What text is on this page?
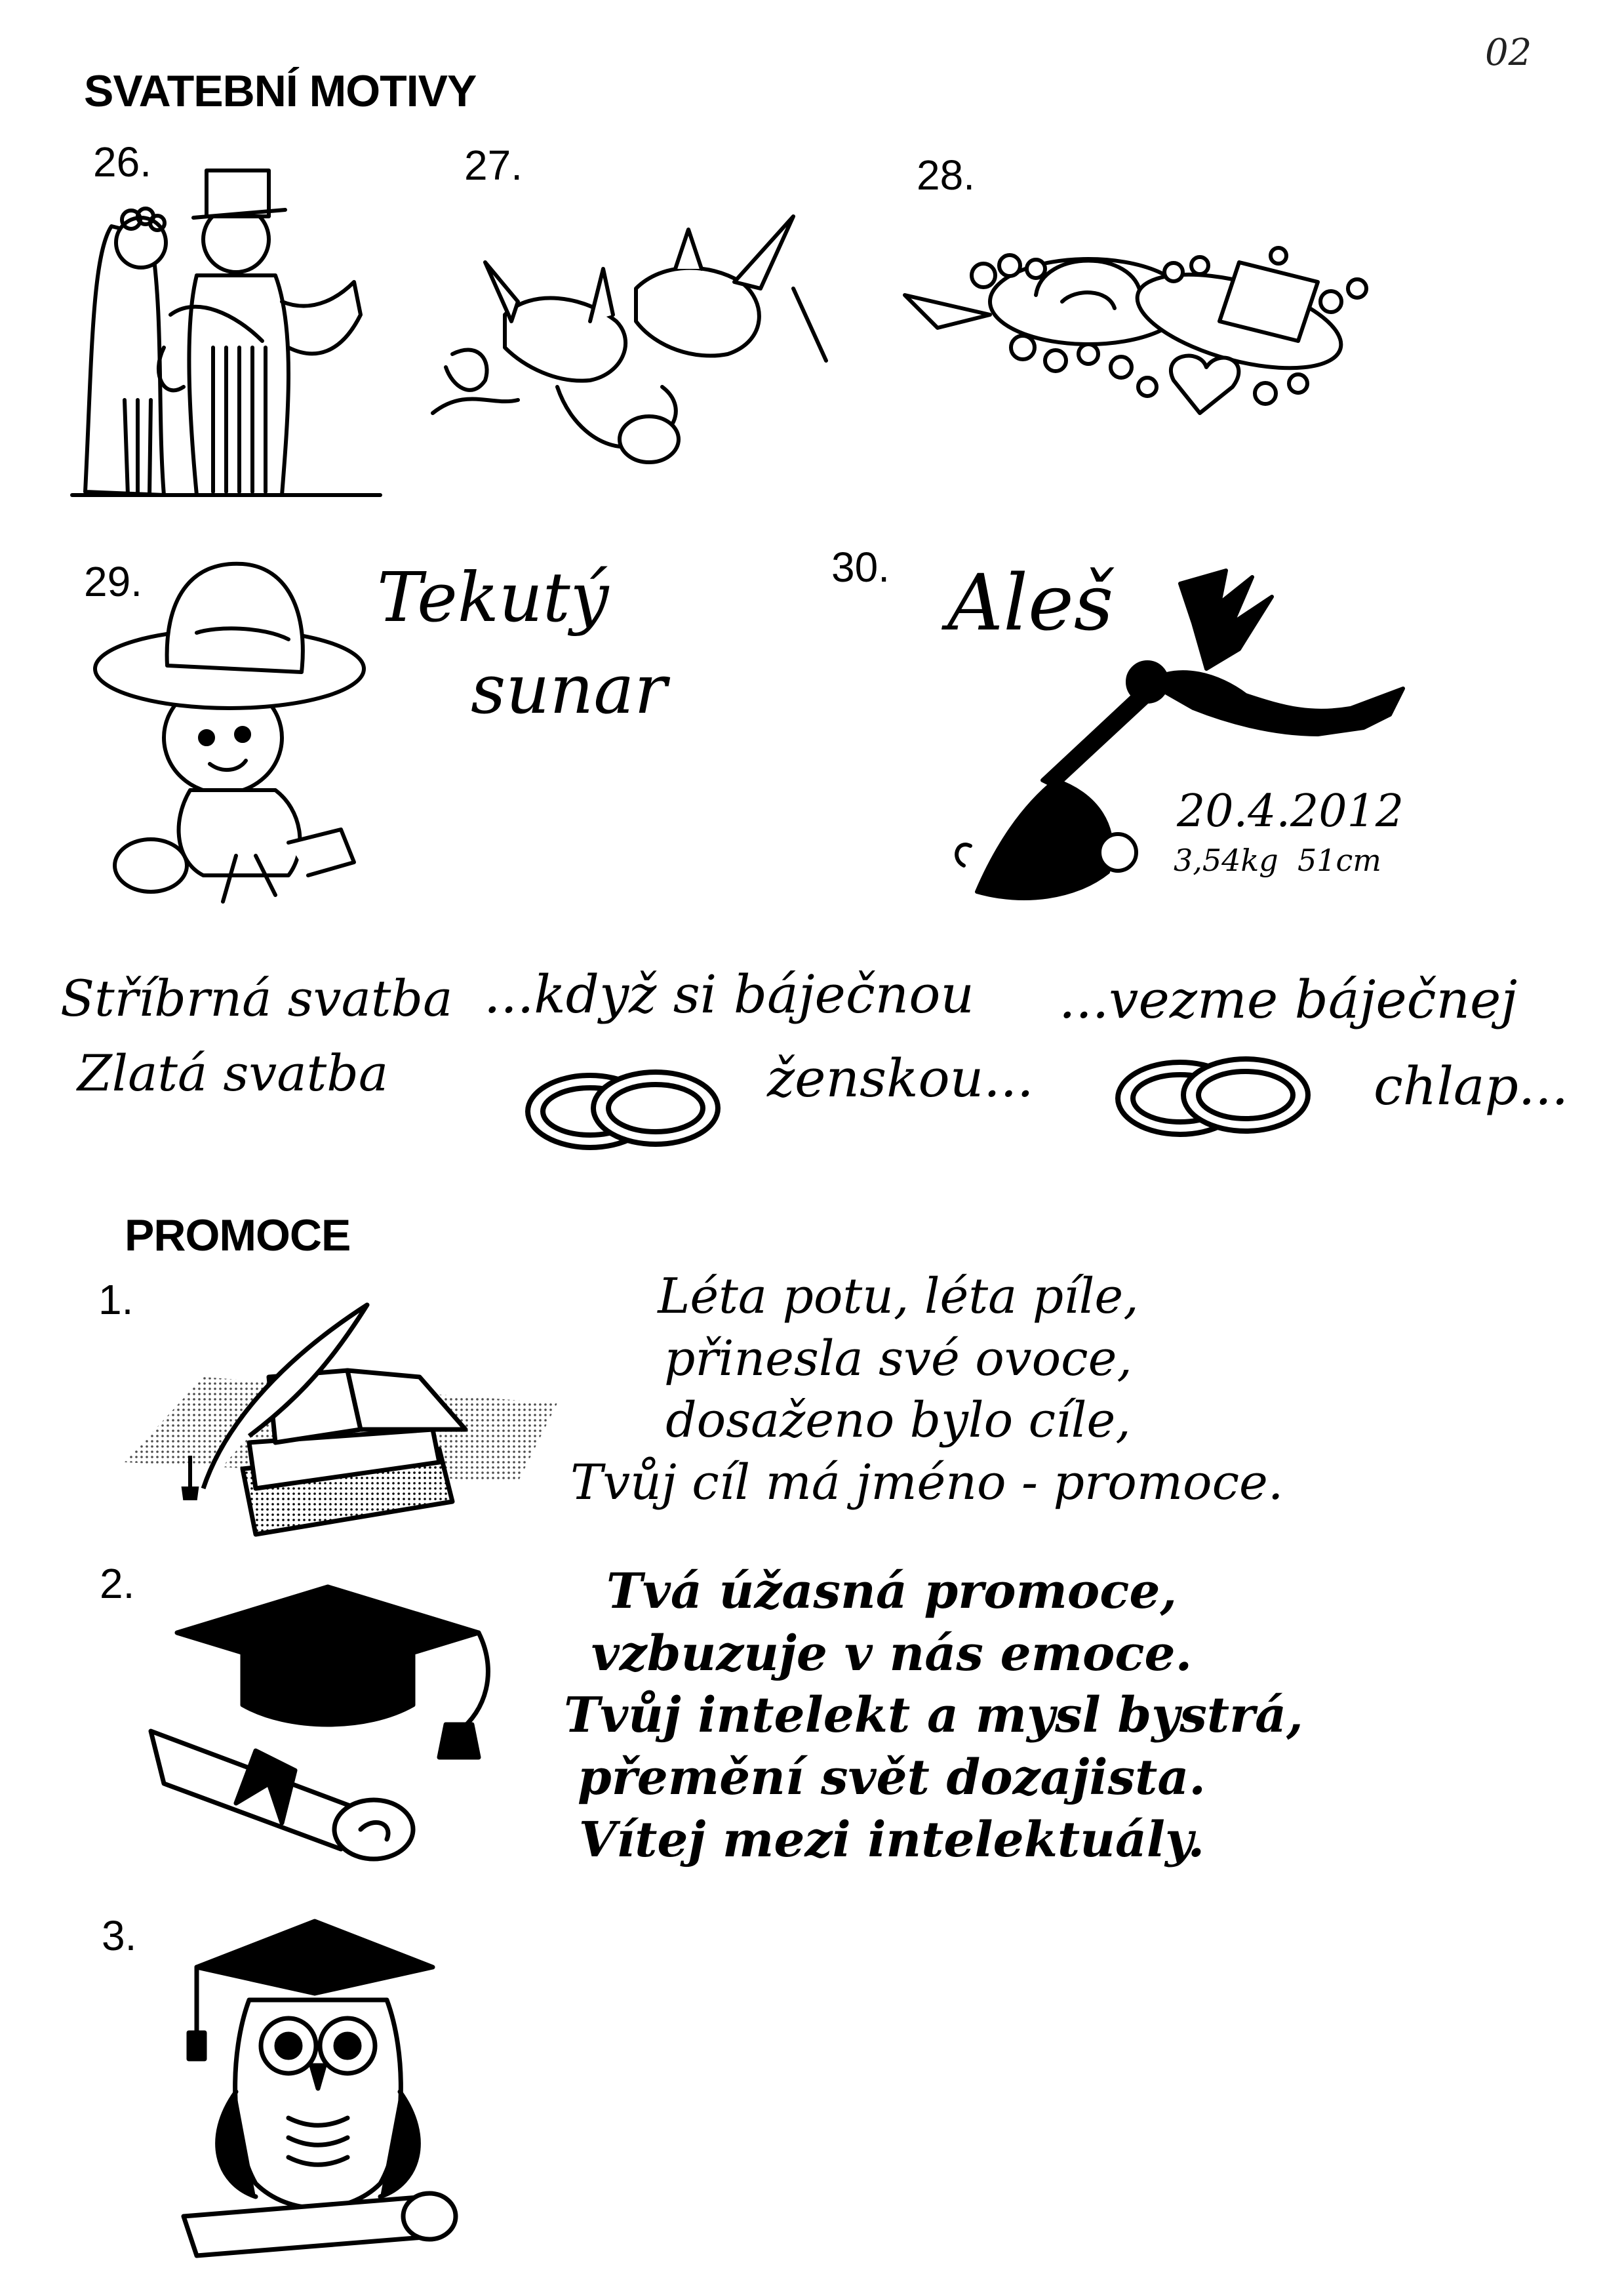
02
SVATEBNÍ MOTIVY
26.	27.	28.
29.	Tekutý
sunar
30. Aleš
20.4.2012
3,54kg  51cm
Stříbrná svatba
Zlatá svatba
...když si báječnou
ženskou...
...vezme báječnej
chlap...
PROMOCE
1.	Léta potu, léta píle,
přinesla své ovoce,
dosaženo bylo cíle,
Tvůj cíl má jméno - promoce.
2.	Tvá úžasná promoce,
vzbuzuje v nás emoce.
Tvůj intelekt a mysl bystrá,
přemění svět dozajista.
Vítej mezi intelektuály.
3.
